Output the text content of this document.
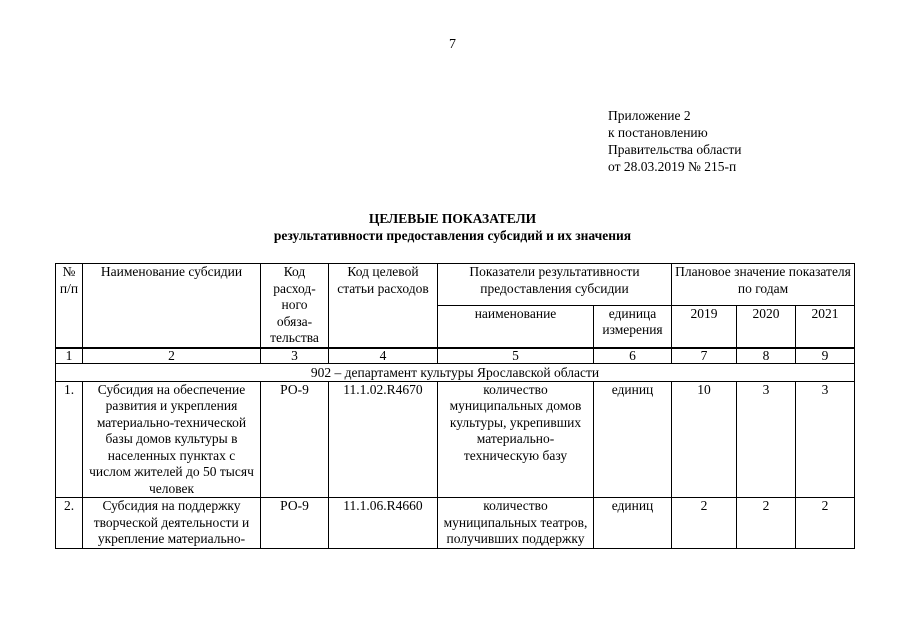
7
Приложение 2
к постановлению
Правительства области
от 28.03.2019 № 215-п
ЦЕЛЕВЫЕ ПОКАЗАТЕЛИ
результативности предоставления субсидий и их значения
№ п/п	Наименование субсидии	Код расход-ного обяза-тельства	Код целевой статьи расходов	Показатели результативности предоставления субсидии		Плановое значение показателя по годам		
				наименование	единица измерения	2019	2020	2021
1	2	3	4	5	6	7	8	9
902 – департамент культуры Ярославской области								
1.	Субсидия на обеспечение развития и укрепления материально-технической базы домов культуры в населенных пунктах с числом жителей до 50 тысяч человек	РО-9	11.1.02.R4670	количество муниципальных домов культуры, укрепивших материально-техническую базу	единиц	10	3	3
2.	Субсидия на поддержку творческой деятельности и укрепление материально-	РО-9	11.1.06.R4660	количество муниципальных театров, получивших поддержку	единиц	2	2	2
